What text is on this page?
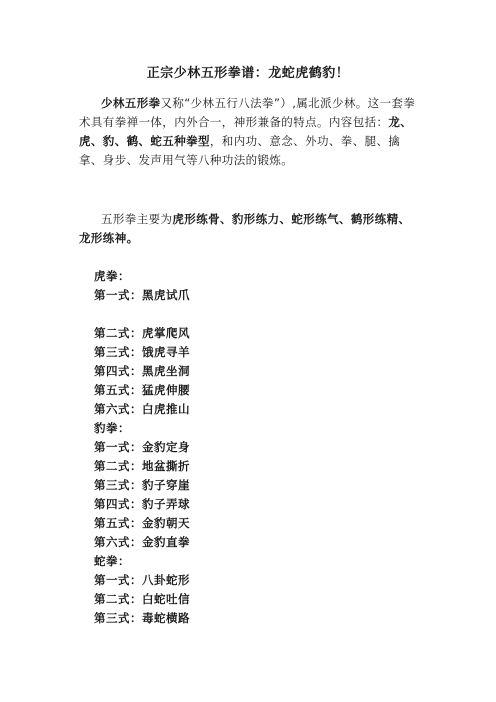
正宗少林五形拳谱：龙蛇虎鹤豹！

少林五形拳又称“少林五行八法拳”）,属北派少林。这一套拳术具有拳禅一体，内外合一，神形兼备的特点。内容包括：龙、虎、豹、鹤、蛇五种拳型，和内功、意念、外功、拳、腿、擒拿、身步、发声用气等八种功法的锻炼。

五形拳主要为虎形练骨、豹形练力、蛇形练气、鹤形练精、龙形练神。

虎拳：
第一式：黑虎试爪
第二式：虎掌爬风
第三式：饿虎寻羊
第四式：黑虎坐洞
第五式：猛虎伸腰
第六式：白虎推山
豹拳：
第一式：金豹定身
第二式：地盆撕折
第三式：豹子穿崖
第四式：豹子弄球
第五式：金豹朝天
第六式：金豹直拳
蛇拳：
第一式：八卦蛇形
第二式：白蛇吐信
第三式：毒蛇横路
